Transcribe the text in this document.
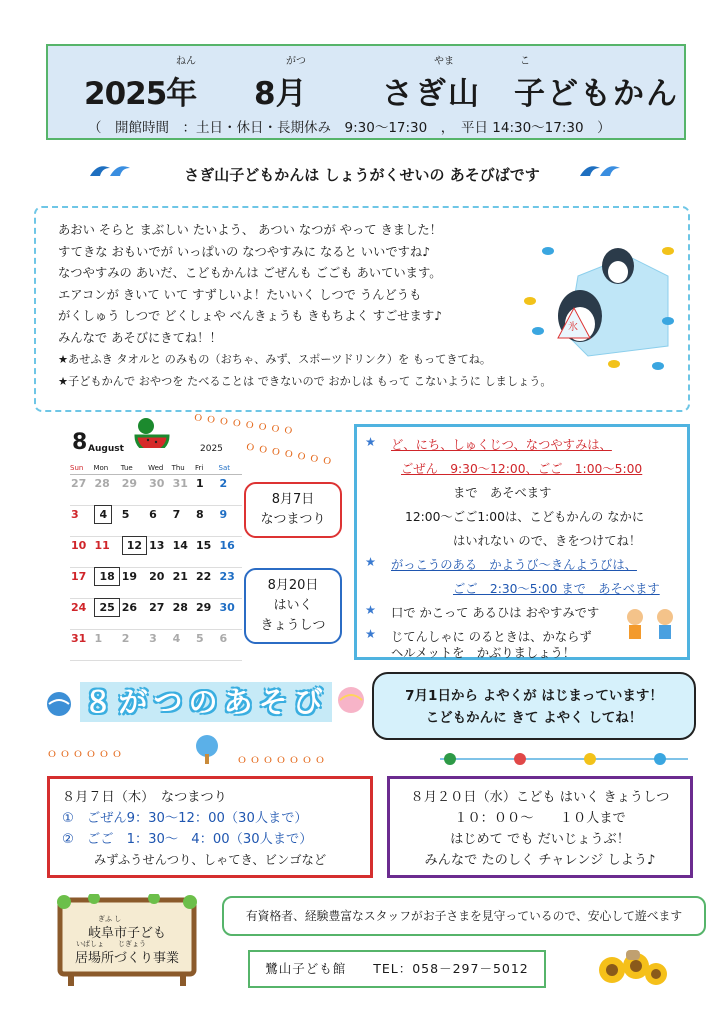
ねん	がつ	やま	こ
2025年 8月 さぎ山　子どもかん
（　開館時間　：土日・休日・長期休み　9:30～17:30　，　平日 14:30～17:30　）
さぎ山子どもかんは しょうがくせいの あそびばです
あおい そらと まぶしい たいよう、 あつい なつが やって きました！
すてきな おもいでが いっぱいの なつやすみに なると いいですね♪
なつやすみの あいだ、こどもかんは ごぜんも ごごも あいています。
エアコンが きいて いて すずしいよ！たいいく しつで うんどうも
がくしゅう しつで どくしょや べんきょうも きもちよく すごせます♪
みんなで あそびにきてね！！
★あせふき タオルと のみもの（おちゃ、みず、スポーツドリンク）を もってきてね。
★子どもかんで おやつを たべることは できないので おかしは もって こないように しましょう。
氷
ｏｏｏｏｏｏｏｏ
ｏｏｏｏｏｏｏ
8 August	2025
Sun	Mon	Tue	Wed	Thu	Fri	Sat
27	28	29	30	31	1	2
3	4	5	6	7	8	9
10	11	12	13	14	15	16
17	18	19	20	21	22	23
24	25	26	27	28	29	30
31	1	2	3	4	5	6
8月7日
なつまつり
8月20日
はいく
きょうしつ
★ ど、にち、しゅくじつ、なつやすみは、
ごぜん　9:30～12:00、ごご　1:00～5:00
まで　あそべます
12:00～ごご1:00は、こどもかんの なかに
はいれない ので、きをつけてね！
★ がっこうのある　かようび～きんようびは、
ごご　2:30～5:00 まで　あそべます
★ 口で かこって あるひは おやすみです
★ じてんしゃに のるときは、かならず
ヘルメットを　かぶりましょう！
８がつのあそび	7月1日から よやくが はじまっています！
こどもかんに きて よやく してね！
ｏｏｏｏｏｏ	ｏｏｏｏｏｏｏ
８月７日（木）　なつまつり
①　ごぜん9：30～12：00（30人まで）
②　ごご　1：30～　4：00（30人まで）
みずふうせんつり、しゃてき、ビンゴなど
８月２０日（水）こども はいく きょうしつ
１０：００～　　１０人まで
はじめて でも だいじょうぶ！
みんなで たのしく チャレンジ しよう♪
ぎふ し
岐阜市子ども
いばしょ　　じぎょう
居場所づくり事業
有資格者、経験豊富なスタッフがお子さまを見守っているので、安心して遊べます
鷺山子ども館　　TEL：058－297－5012
